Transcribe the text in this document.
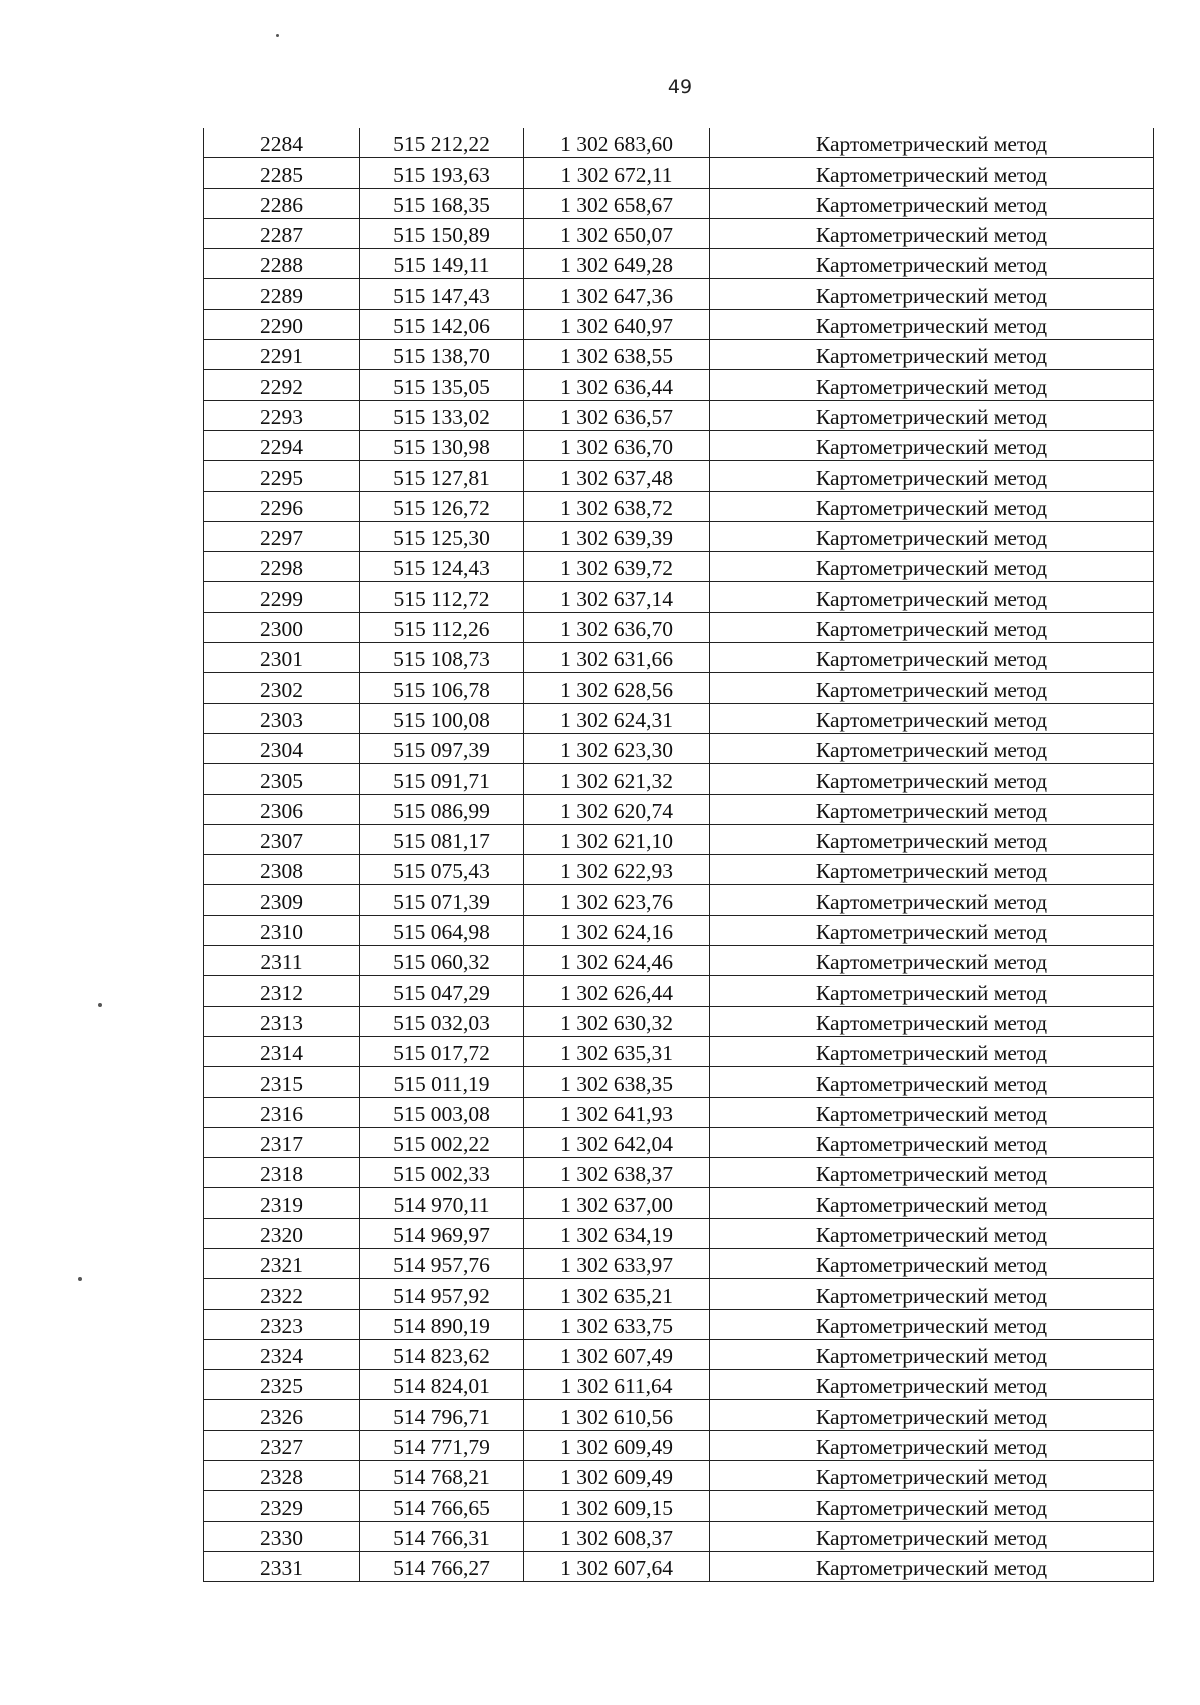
49
2284	515 212,22	1 302 683,60	Картометрический метод
2285	515 193,63	1 302 672,11	Картометрический метод
2286	515 168,35	1 302 658,67	Картометрический метод
2287	515 150,89	1 302 650,07	Картометрический метод
2288	515 149,11	1 302 649,28	Картометрический метод
2289	515 147,43	1 302 647,36	Картометрический метод
2290	515 142,06	1 302 640,97	Картометрический метод
2291	515 138,70	1 302 638,55	Картометрический метод
2292	515 135,05	1 302 636,44	Картометрический метод
2293	515 133,02	1 302 636,57	Картометрический метод
2294	515 130,98	1 302 636,70	Картометрический метод
2295	515 127,81	1 302 637,48	Картометрический метод
2296	515 126,72	1 302 638,72	Картометрический метод
2297	515 125,30	1 302 639,39	Картометрический метод
2298	515 124,43	1 302 639,72	Картометрический метод
2299	515 112,72	1 302 637,14	Картометрический метод
2300	515 112,26	1 302 636,70	Картометрический метод
2301	515 108,73	1 302 631,66	Картометрический метод
2302	515 106,78	1 302 628,56	Картометрический метод
2303	515 100,08	1 302 624,31	Картометрический метод
2304	515 097,39	1 302 623,30	Картометрический метод
2305	515 091,71	1 302 621,32	Картометрический метод
2306	515 086,99	1 302 620,74	Картометрический метод
2307	515 081,17	1 302 621,10	Картометрический метод
2308	515 075,43	1 302 622,93	Картометрический метод
2309	515 071,39	1 302 623,76	Картометрический метод
2310	515 064,98	1 302 624,16	Картометрический метод
2311	515 060,32	1 302 624,46	Картометрический метод
2312	515 047,29	1 302 626,44	Картометрический метод
2313	515 032,03	1 302 630,32	Картометрический метод
2314	515 017,72	1 302 635,31	Картометрический метод
2315	515 011,19	1 302 638,35	Картометрический метод
2316	515 003,08	1 302 641,93	Картометрический метод
2317	515 002,22	1 302 642,04	Картометрический метод
2318	515 002,33	1 302 638,37	Картометрический метод
2319	514 970,11	1 302 637,00	Картометрический метод
2320	514 969,97	1 302 634,19	Картометрический метод
2321	514 957,76	1 302 633,97	Картометрический метод
2322	514 957,92	1 302 635,21	Картометрический метод
2323	514 890,19	1 302 633,75	Картометрический метод
2324	514 823,62	1 302 607,49	Картометрический метод
2325	514 824,01	1 302 611,64	Картометрический метод
2326	514 796,71	1 302 610,56	Картометрический метод
2327	514 771,79	1 302 609,49	Картометрический метод
2328	514 768,21	1 302 609,49	Картометрический метод
2329	514 766,65	1 302 609,15	Картометрический метод
2330	514 766,31	1 302 608,37	Картометрический метод
2331	514 766,27	1 302 607,64	Картометрический метод
